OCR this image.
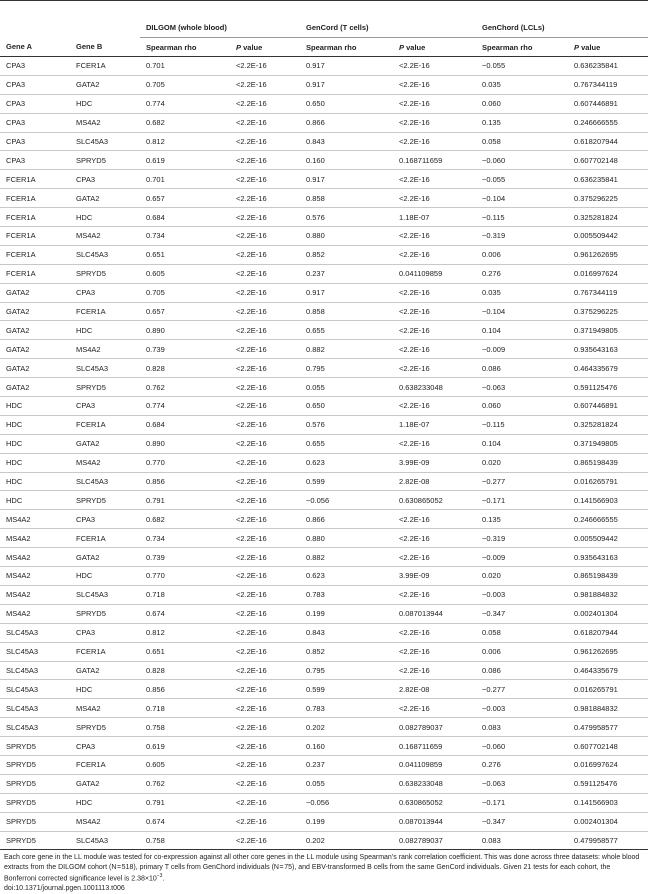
		DILGOM (whole blood)		GenCord (T cells)		GenChord (LCLs)	
Gene A	Gene B	Spearman rho	P value	Spearman rho	P value	Spearman rho	P value
CPA3	FCER1A	0.701	<2.2E-16	0.917	<2.2E-16	−0.055	0.636235841
CPA3	GATA2	0.705	<2.2E-16	0.917	<2.2E-16	0.035	0.767344119
CPA3	HDC	0.774	<2.2E-16	0.650	<2.2E-16	0.060	0.607446891
CPA3	MS4A2	0.682	<2.2E-16	0.866	<2.2E-16	0.135	0.246666555
CPA3	SLC45A3	0.812	<2.2E-16	0.843	<2.2E-16	0.058	0.618207944
CPA3	SPRYD5	0.619	<2.2E-16	0.160	0.168711659	−0.060	0.607702148
FCER1A	CPA3	0.701	<2.2E-16	0.917	<2.2E-16	−0.055	0.636235841
FCER1A	GATA2	0.657	<2.2E-16	0.858	<2.2E-16	−0.104	0.375296225
FCER1A	HDC	0.684	<2.2E-16	0.576	1.18E-07	−0.115	0.325281824
FCER1A	MS4A2	0.734	<2.2E-16	0.880	<2.2E-16	−0.319	0.005509442
FCER1A	SLC45A3	0.651	<2.2E-16	0.852	<2.2E-16	0.006	0.961262695
FCER1A	SPRYD5	0.605	<2.2E-16	0.237	0.041109859	0.276	0.016997624
GATA2	CPA3	0.705	<2.2E-16	0.917	<2.2E-16	0.035	0.767344119
GATA2	FCER1A	0.657	<2.2E-16	0.858	<2.2E-16	−0.104	0.375296225
GATA2	HDC	0.890	<2.2E-16	0.655	<2.2E-16	0.104	0.371949805
GATA2	MS4A2	0.739	<2.2E-16	0.882	<2.2E-16	−0.009	0.935643163
GATA2	SLC45A3	0.828	<2.2E-16	0.795	<2.2E-16	0.086	0.464335679
GATA2	SPRYD5	0.762	<2.2E-16	0.055	0.638233048	−0.063	0.591125476
HDC	CPA3	0.774	<2.2E-16	0.650	<2.2E-16	0.060	0.607446891
HDC	FCER1A	0.684	<2.2E-16	0.576	1.18E-07	−0.115	0.325281824
HDC	GATA2	0.890	<2.2E-16	0.655	<2.2E-16	0.104	0.371949805
HDC	MS4A2	0.770	<2.2E-16	0.623	3.99E-09	0.020	0.865198439
HDC	SLC45A3	0.856	<2.2E-16	0.599	2.82E-08	−0.277	0.016265791
HDC	SPRYD5	0.791	<2.2E-16	−0.056	0.630865052	−0.171	0.141566903
MS4A2	CPA3	0.682	<2.2E-16	0.866	<2.2E-16	0.135	0.246666555
MS4A2	FCER1A	0.734	<2.2E-16	0.880	<2.2E-16	−0.319	0.005509442
MS4A2	GATA2	0.739	<2.2E-16	0.882	<2.2E-16	−0.009	0.935643163
MS4A2	HDC	0.770	<2.2E-16	0.623	3.99E-09	0.020	0.865198439
MS4A2	SLC45A3	0.718	<2.2E-16	0.783	<2.2E-16	−0.003	0.981884832
MS4A2	SPRYD5	0.674	<2.2E-16	0.199	0.087013944	−0.347	0.002401304
SLC45A3	CPA3	0.812	<2.2E-16	0.843	<2.2E-16	0.058	0.618207944
SLC45A3	FCER1A	0.651	<2.2E-16	0.852	<2.2E-16	0.006	0.961262695
SLC45A3	GATA2	0.828	<2.2E-16	0.795	<2.2E-16	0.086	0.464335679
SLC45A3	HDC	0.856	<2.2E-16	0.599	2.82E-08	−0.277	0.016265791
SLC45A3	MS4A2	0.718	<2.2E-16	0.783	<2.2E-16	−0.003	0.981884832
SLC45A3	SPRYD5	0.758	<2.2E-16	0.202	0.082789037	0.083	0.479958577
SPRYD5	CPA3	0.619	<2.2E-16	0.160	0.168711659	−0.060	0.607702148
SPRYD5	FCER1A	0.605	<2.2E-16	0.237	0.041109859	0.276	0.016997624
SPRYD5	GATA2	0.762	<2.2E-16	0.055	0.638233048	−0.063	0.591125476
SPRYD5	HDC	0.791	<2.2E-16	−0.056	0.630865052	−0.171	0.141566903
SPRYD5	MS4A2	0.674	<2.2E-16	0.199	0.087013944	−0.347	0.002401304
SPRYD5	SLC45A3	0.758	<2.2E-16	0.202	0.082789037	0.083	0.479958577
Each core gene in the LL module was tested for co-expression against all other core genes in the LL module using Spearman’s rank correlation coefficient. This was done across three datasets: whole blood extracts from the DILGOM cohort (N = 518), primary T cells from GenChord individuals (N = 75), and EBV-transformed B cells from the same GenCord individuals. Given 21 tests for each cohort, the Bonferroni corrected significance level is $2.38\times 10^{-3}$.
doi:10.1371/journal.pgen.1001113.t006
